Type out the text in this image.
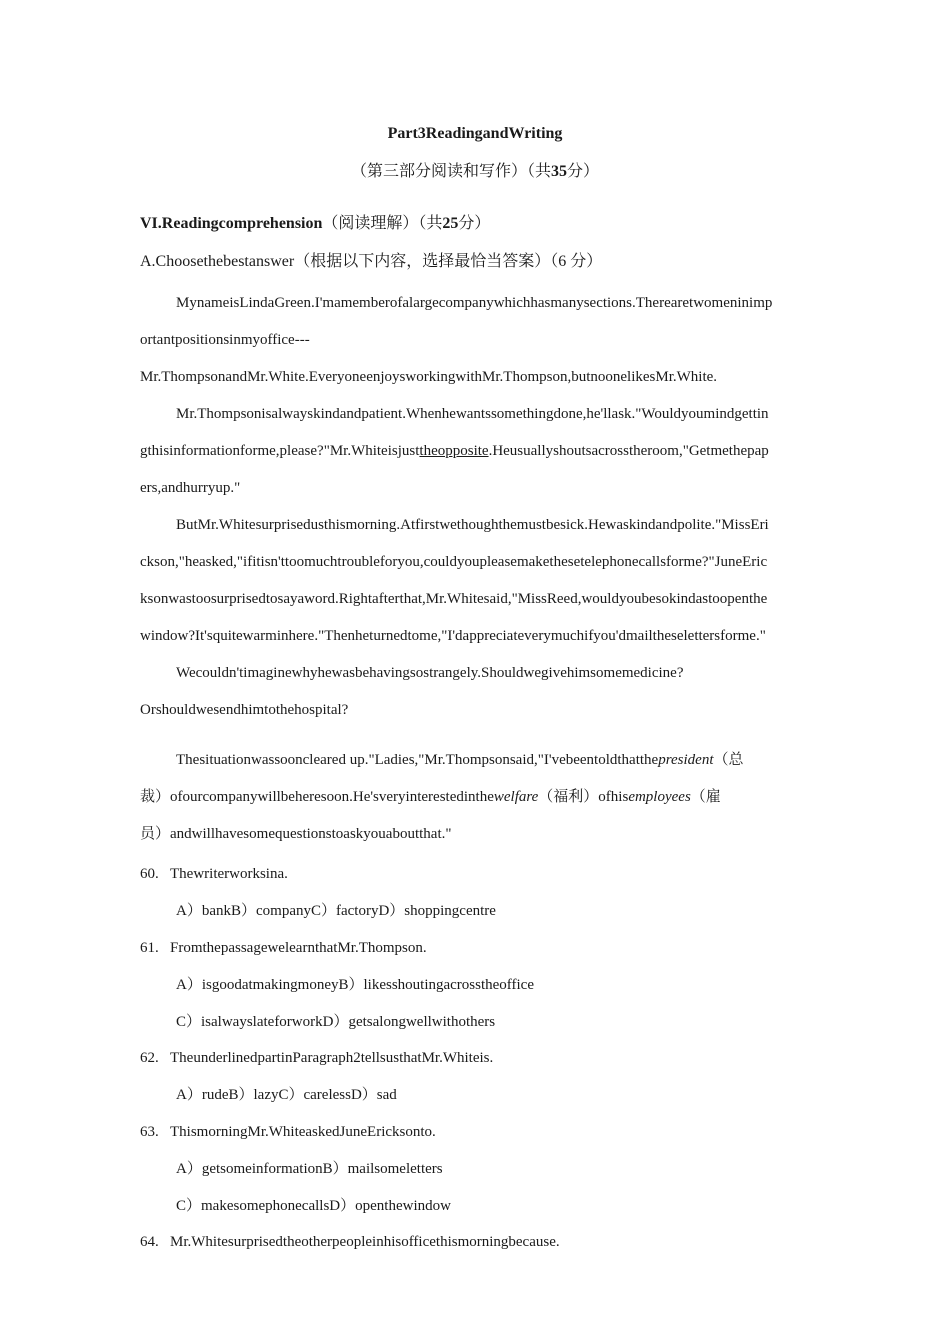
Part3ReadingandWriting
（第三部分阅读和写作）（共35分）
VI.Readingcomprehension（阅读理解）（共25分）
A.Choosethebestanswer（根据以下内容，选择最恰当答案）（6 分）
MynameisLindaGreen.I'mamemberofalargecompanywhichhasmanysections.Therearetwomeninimp
ortantpositionsinmyoffice---
Mr.ThompsonandMr.White.EveryoneenjoysworkingwithMr.Thompson,butnoonelikesMr.White.
Mr.Thompsonisalwayskindandpatient.Whenhewantssomethingdone,he'llask."Wouldyoumindgettin
gthisinformationforme,please?"Mr.Whiteisjusttheopposite.Heusuallyshoutsacrosstheroom,"Getmethepap
ers,andhurryup."
ButMr.Whitesurprisedusthismorning.Atfirstwethoughthemustbesick.Hewaskindandpolite."MissEri
ckson,"heasked,"ifitisn'ttoomuchtroubleforyou,couldyoupleasemakethesetelephonecallsforme?"JuneEric
ksonwastoosurprisedtosayaword.Rightafterthat,Mr.Whitesaid,"MissReed,wouldyoubesokindastoopenthe
window?It'squitewarminhere."Thenheturnedtome,"I'dappreciateverymuchifyou'dmailtheselettersforme."
Wecouldn'timaginewhyhewasbehavingsostrangely.Shouldwegivehimsomemedicine?
Orshouldwesendhimtothehospital?
Thesituationwassooncleared up."Ladies,"Mr.Thompsonsaid,"I'vebeentoldthatthepresident（总
裁）ofourcompanywillbeheresoon.He'sveryinterestedinthewelfare（福利）ofhisemployees（雇
员）andwillhavesomequestionstoaskyouaboutthat."
60. Thewriterworksina.
A）bankB）companyC）factoryD）shoppingcentre
61. FromthepassagewelearnthatMr.Thompson.
A）isgoodatmakingmoneyB）likesshoutingacrosstheoffice
C）isalwayslateforworkD）getsalongwellwithothers
62. TheunderlinedpartinParagraph2tellsusthatMr.Whiteis.
A）rudeB）lazyC）carelessD）sad
63. ThismorningMr.WhiteaskedJuneEricksonto.
A）getsomeinformationB）mailsomeletters
C）makesomephonecallsD）openthewindow
64. Mr.Whitesurprisedtheotherpeopleinhisofficethismorningbecause.
